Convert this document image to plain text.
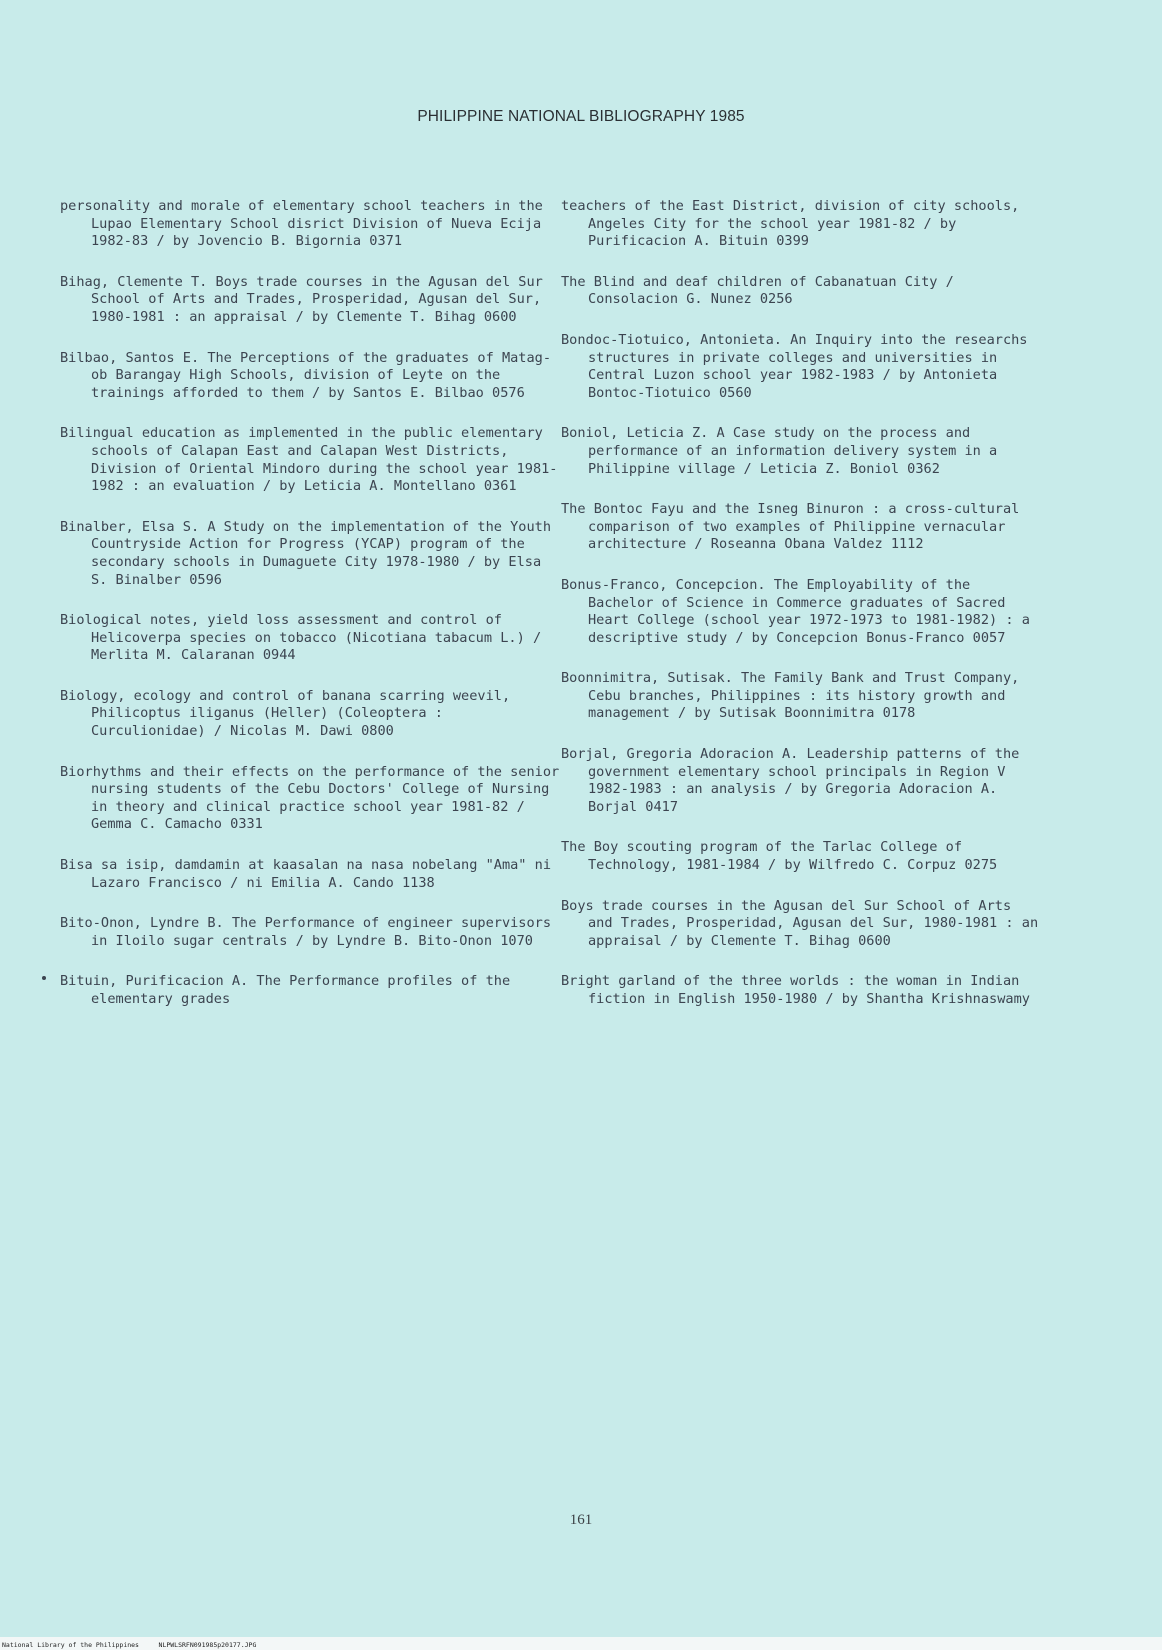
PHILIPPINE NATIONAL BIBLIOGRAPHY 1985

personality and morale of elementary school teachers in the Lupao Elementary School disrict Division of Nueva Ecija 1982-83 / by Jovencio B. Bigornia 0371

Bihag, Clemente T. Boys trade courses in the Agusan del Sur School of Arts and Trades, Prosperidad, Agusan del Sur, 1980-1981 : an appraisal / by Clemente T. Bihag 0600

Bilbao, Santos E. The Perceptions of the graduates of Matag-ob Barangay High Schools, division of Leyte on the trainings afforded to them / by Santos E. Bilbao 0576

Bilingual education as implemented in the public elementary schools of Calapan East and Calapan West Districts, Division of Oriental Mindoro during the school year 1981-1982 : an evaluation / by Leticia A. Montellano 0361

Binalber, Elsa S. A Study on the implementation of the Youth Countryside Action for Progress (YCAP) program of the secondary schools in Dumaguete City 1978-1980 / by Elsa S. Binalber 0596

Biological notes, yield loss assessment and control of Helicoverpa species on tobacco (Nicotiana tabacum L.) / Merlita M. Calaranan 0944

Biology, ecology and control of banana scarring weevil, Philicoptus iliganus (Heller) (Coleoptera : Curculionidae) / Nicolas M. Dawi 0800

Biorhythms and their effects on the performance of the senior nursing students of the Cebu Doctors' College of Nursing in theory and clinical practice school year 1981-82 / Gemma C. Camacho 0331

Bisa sa isip, damdamin at kaasalan na nasa nobelang "Ama" ni Lazaro Francisco / ni Emilia A. Cando 1138

Bito-Onon, Lyndre B. The Performance of engineer supervisors in Iloilo sugar centrals / by Lyndre B. Bito-Onon 1070

Bituin, Purificacion A. The Performance profiles of the elementary grades

teachers of the East District, division of city schools, Angeles City for the school year 1981-82 / by Purificacion A. Bituin 0399

The Blind and deaf children of Cabanatuan City / Consolacion G. Nunez 0256

Bondoc-Tiotuico, Antonieta. An Inquiry into the researchs structures in private colleges and universities in Central Luzon school year 1982-1983 / by Antonieta Bontoc-Tiotuico 0560

Boniol, Leticia Z. A Case study on the process and performance of an information delivery system in a Philippine village / Leticia Z. Boniol 0362

The Bontoc Fayu and the Isneg Binuron : a cross-cultural comparison of two examples of Philippine vernacular architecture / Roseanna Obana Valdez 1112

Bonus-Franco, Concepcion. The Employability of the Bachelor of Science in Commerce graduates of Sacred Heart College (school year 1972-1973 to 1981-1982) : a descriptive study / by Concepcion Bonus-Franco 0057

Boonnimitra, Sutisak. The Family Bank and Trust Company, Cebu branches, Philippines : its history growth and management / by Sutisak Boonnimitra 0178

Borjal, Gregoria Adoracion A. Leadership patterns of the government elementary school principals in Region V 1982-1983 : an analysis / by Gregoria Adoracion A. Borjal 0417

The Boy scouting program of the Tarlac College of Technology, 1981-1984 / by Wilfredo C. Corpuz 0275

Boys trade courses in the Agusan del Sur School of Arts and Trades, Prosperidad, Agusan del Sur, 1980-1981 : an appraisal / by Clemente T. Bihag 0600

Bright garland of the three worlds : the woman in Indian fiction in English 1950-1980 / by Shantha Krishnaswamy

161
National Library of the Philippines     NLPWLSRFN091985p20177.JPG
